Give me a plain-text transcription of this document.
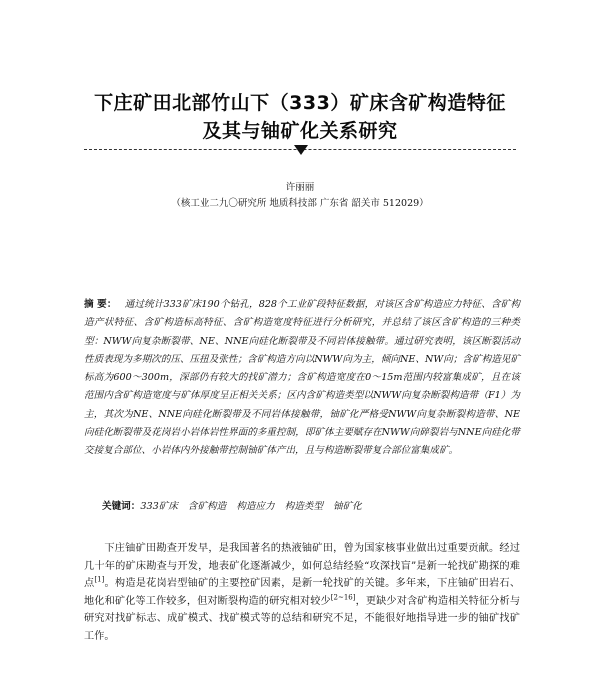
下庄矿田北部竹山下（333）矿床含矿构造特征
及其与铀矿化关系研究
许丽丽
（核工业二九〇研究所 地质科技部 广东省 韶关市 512029）
摘 要： 通过统计333矿床190个钻孔，828个工业矿段特征数据，对该区含矿构造应力特征、含矿构造产状特征、含矿构造标高特征、含矿构造宽度特征进行分析研究，并总结了该区含矿构造的三种类型：NWW向复杂断裂带、NE、NNE向硅化断裂带及不同岩体接触带。通过研究表明，该区断裂活动性质表现为多期次的压、压扭及张性；含矿构造方向以NWW向为主，倾向NE、NW向；含矿构造见矿标高为600～300m，深部仍有较大的找矿潜力；含矿构造宽度在0～15m范围内较富集成矿，且在该范围内含矿构造宽度与矿体厚度呈正相关关系；区内含矿构造类型以NWW向复杂断裂构造带（F1）为主，其次为NE、NNE向硅化断裂带及不同岩体接触带，铀矿化严格受NWW向复杂断裂构造带、NE向硅化断裂带及花岗岩小岩体岩性界面的多重控制，即矿体主要赋存在NWW向碎裂岩与NNE向硅化带交接复合部位、小岩体内外接触带控制铀矿体产出，且与构造断裂带复合部位富集成矿。
关键词：333矿床 含矿构造 构造应力 构造类型 铀矿化
下庄铀矿田勘查开发早，是我国著名的热液铀矿田，曾为国家核事业做出过重要贡献。经过几十年的矿床勘查与开发，地表矿化逐渐减少，如何总结经验“攻深找盲”是新一轮找矿勘探的难点[1]。构造是花岗岩型铀矿的主要控矿因素，是新一轮找矿的关键。多年来，下庄铀矿田岩石、地化和矿化等工作较多，但对断裂构造的研究相对较少[2~16]，更缺少对含矿构造相关特征分析与研究对找矿标志、成矿模式、找矿模式等的总结和研究不足，不能很好地指导进一步的铀矿找矿工作。
